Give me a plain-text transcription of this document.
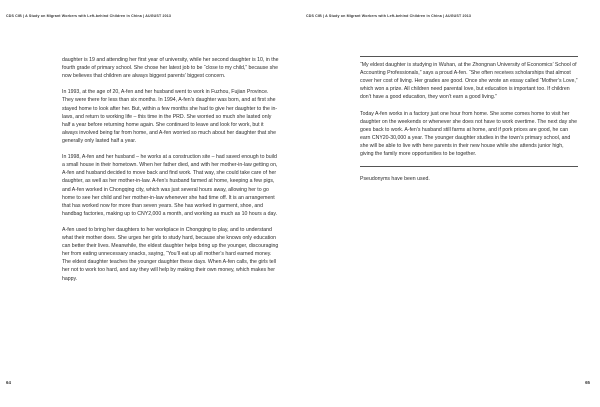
CDS CIB | A Study on Migrant Workers with Left-behind Children in China | AUGUST 2013

daughter is 19 and attending her first year of university, while her second daughter is 10, in the fourth grade of primary school. She chose her latest job to be “close to my child,” because she now believes that children are always biggest parents’ biggest concern.

In 1993, at the age of 20, A-fen and her husband went to work in Fuzhou, Fujian Province. They were there for less than six months. In 1994, A-fen’s daughter was born, and at first she stayed home to look after her. But, within a few months she had to give her daughter to the in-laws, and return to working life – this time in the PRD. She worried so much she lasted only half a year before returning home again. She continued to leave and look for work, but it always involved being far from home, and A-fen worried so much about her daughter that she generally only lasted half a year.

In 1998, A-fen and her husband – he works at a construction site – had saved enough to build a small house in their hometown. When her father died, and with her mother-in-law getting on, A-fen and husband decided to move back and find work. That way, she could take care of her daughter, as well as her mother-in-law. A-fen’s husband farmed at home, keeping a few pigs, and A-fen worked in Chongqing city, which was just several hours away, allowing her to go home to see her child and her mother-in-law whenever she had time off. It is an arrangement that has worked now for more than seven years. She has worked in garment, shoe, and handbag factories, making up to CNY2,000 a month, and working as much as 10 hours a day.

A-fen used to bring her daughters to her workplace in Chongqing to play, and to understand what their mother does. She urges her girls to study hard, because she knows only education can better their lives. Meanwhile, the eldest daughter helps bring up the younger, discouraging her from eating unnecessary snacks, saying, “You’ll eat up all mother’s hard earned money. The eldest daughter teaches the younger daughter these days. When A-fen calls, the girls tell her not to work too hard, and say they will help by making their own money, which makes her happy.

64
CDS CIB | A Study on Migrant Workers with Left-behind Children in China | AUGUST 2013

“My eldest daughter is studying in Wuhan, at the Zhongnan University of Economics’ School of Accounting Professionals,” says a proud A-fen. “She often receives scholarships that almost cover her cost of living. Her grades are good. Once she wrote an essay called “Mother’s Love,” which won a prize. All children need parental love, but education is important too. If children don’t have a good education, they won’t earn a good living.”

Today A-fen works in a factory just one hour from home. She some comes home to visit her daughter on the weekends or whenever she does not have to work overtime. The next day she goes back to work. A-fen’s husband still farms at home, and if pork prices are good, he can earn CNY20-30,000 a year. The younger daughter studies in the town’s primary school, and she will be able to live with here parents in their new house while she attends junior high, giving the family more opportunities to be together.

Pseudonyms have been used.

65
